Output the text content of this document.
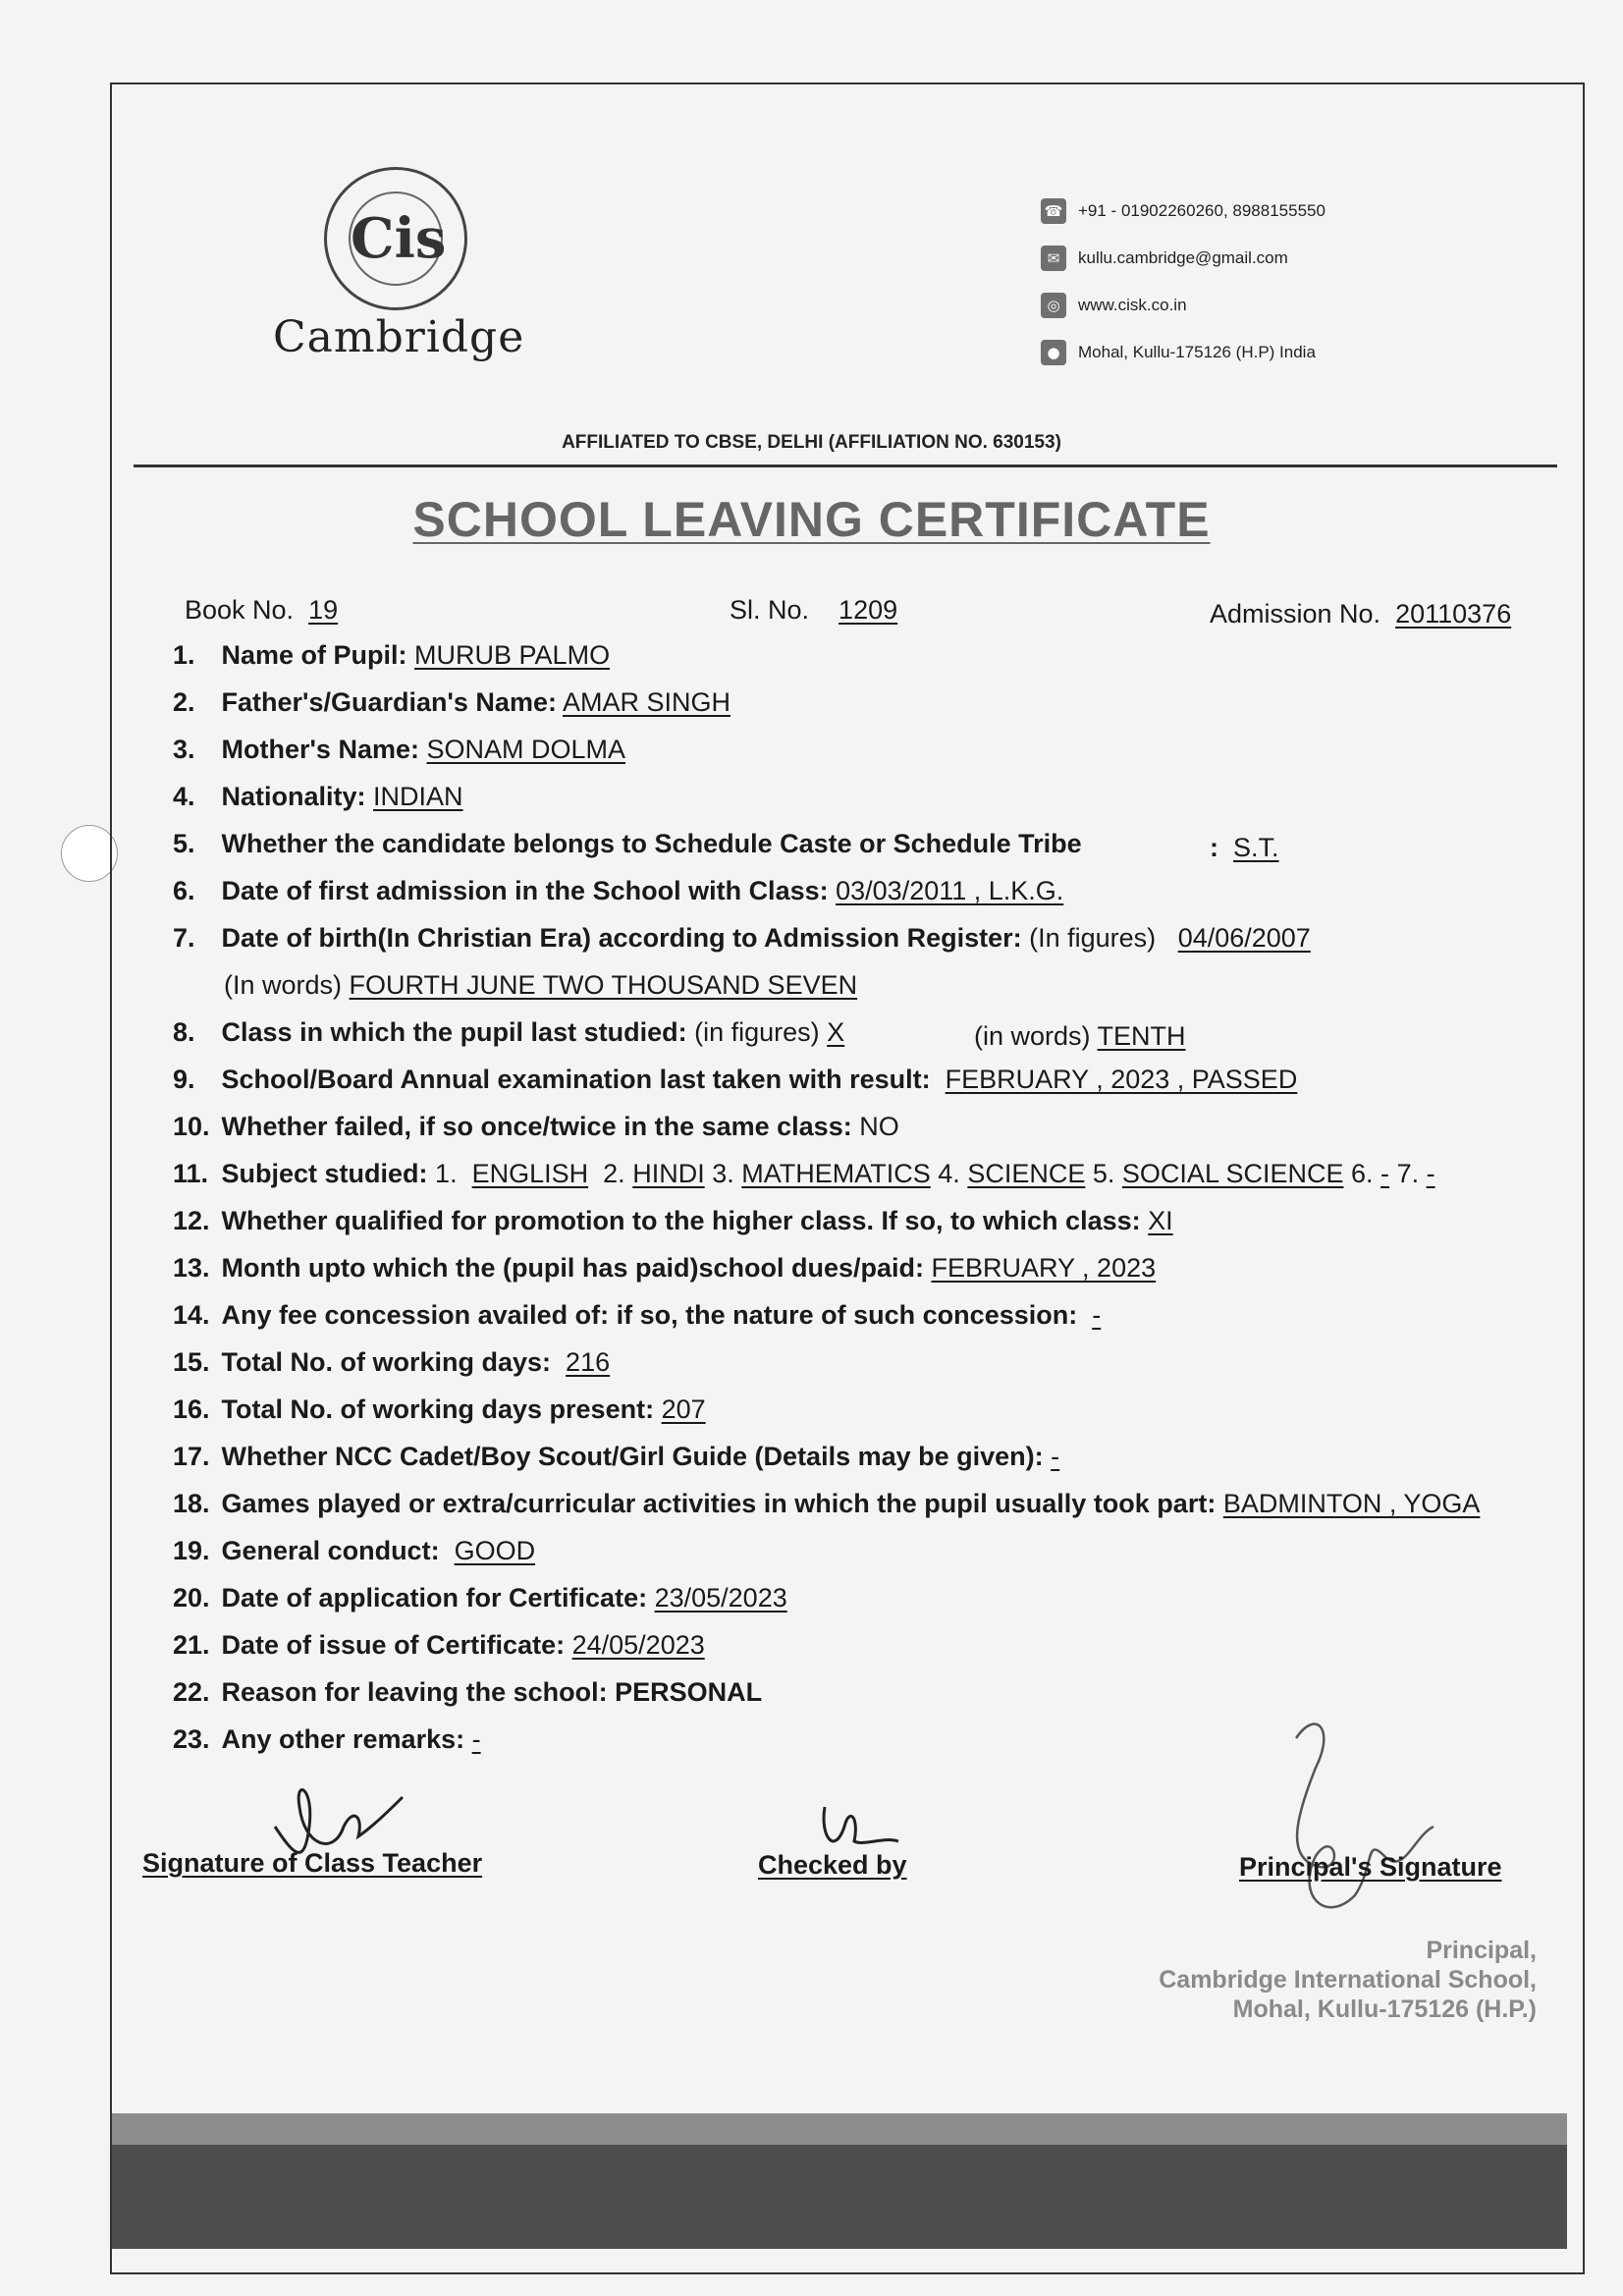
Cis
Cambridge
☎ +91 - 01902260260, 8988155550
✉	kullu.cambridge@gmail.com
◎	www.cisk.co.in
●	Mohal, Kullu-175126 (H.P) India
AFFILIATED TO CBSE, DELHI (AFFILIATION NO. 630153)
SCHOOL LEAVING CERTIFICATE
Book No. 19	Sl. No. 1209	Admission No. 20110376
1. Name of Pupil: MURUB PALMO
2. Father's/Guardian's Name: AMAR SINGH
3. Mother's Name: SONAM DOLMA
4. Nationality: INDIAN
5. Whether the candidate belongs to Schedule Caste or Schedule Tribe	: S.T.
6. Date of first admission in the School with Class: 03/03/2011 , L.K.G.
7. Date of birth(In Christian Era) according to Admission Register: (In figures) 04/06/2007
(In words) FOURTH JUNE TWO THOUSAND SEVEN
8. Class in which the pupil last studied: (in figures) X	(in words) TENTH
9. School/Board Annual examination last taken with result: FEBRUARY , 2023 , PASSED
10. Whether failed, if so once/twice in the same class: NO
11. Subject studied: 1. ENGLISH 2. HINDI 3. MATHEMATICS 4. SCIENCE 5. SOCIAL SCIENCE 6. - 7. -
12. Whether qualified for promotion to the higher class. If so, to which class: XI
13. Month upto which the (pupil has paid)school dues/paid: FEBRUARY , 2023
14. Any fee concession availed of: if so, the nature of such concession: -
15. Total No. of working days: 216
16. Total No. of working days present: 207
17. Whether NCC Cadet/Boy Scout/Girl Guide (Details may be given): -
18. Games played or extra/curricular activities in which the pupil usually took part: BADMINTON , YOGA
19. General conduct: GOOD
20. Date of application for Certificate: 23/05/2023
21. Date of issue of Certificate: 24/05/2023
22. Reason for leaving the school: PERSONAL
23. Any other remarks: -
Signature of Class Teacher	Checked by	Principal's Signature
Principal,
Cambridge International School,
Mohal, Kullu-175126 (H.P.)
